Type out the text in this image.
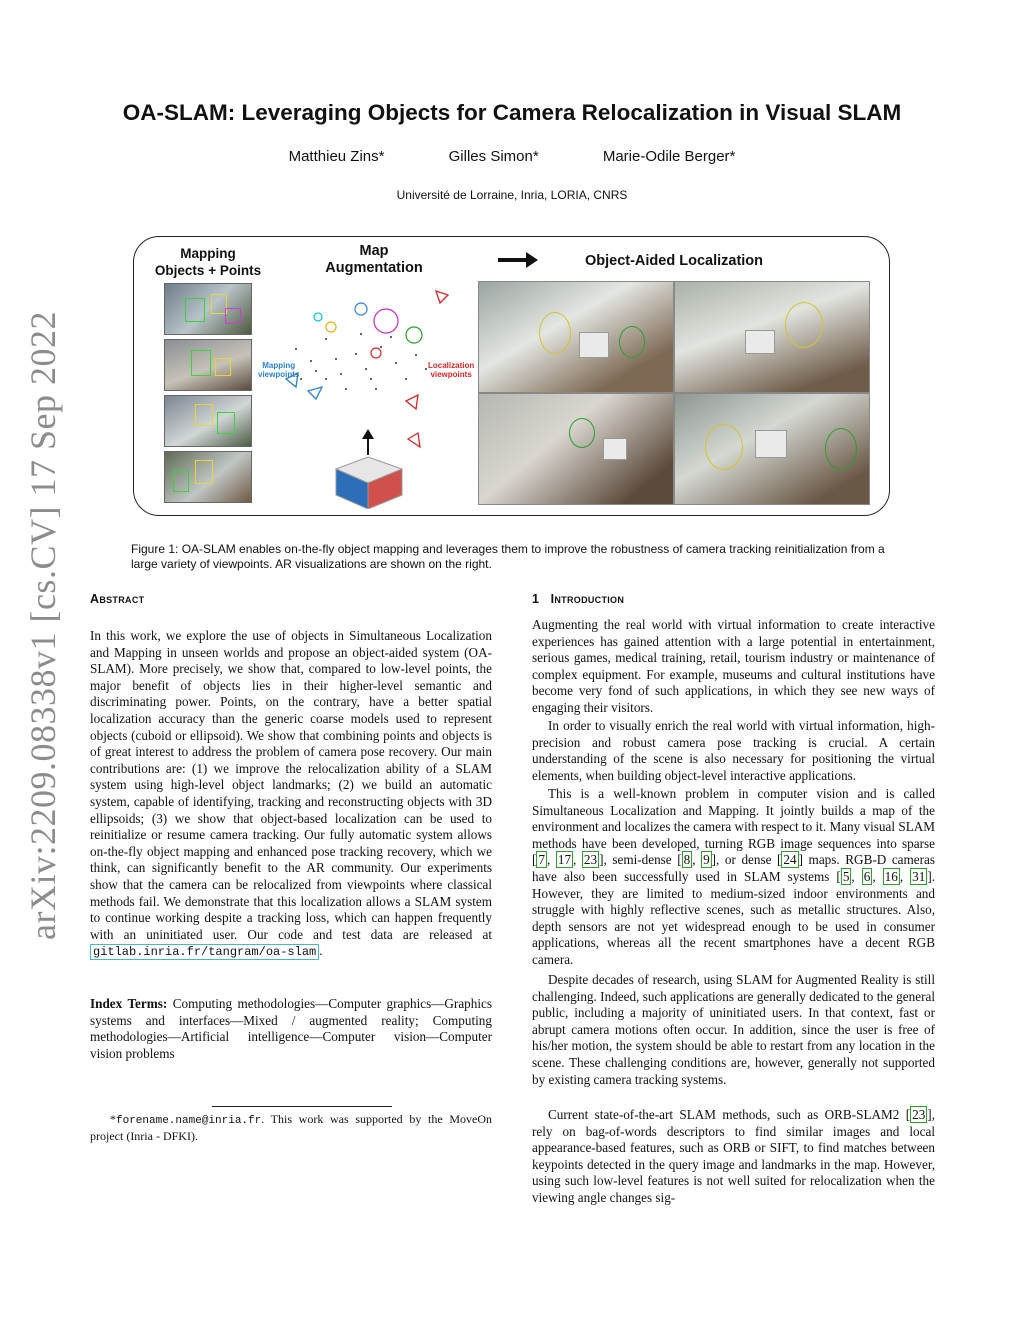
arXiv:2209.08338v1 [cs.CV] 17 Sep 2022
OA-SLAM: Leveraging Objects for Camera Relocalization in Visual SLAM
Matthieu Zins*	Gilles Simon*	Marie-Odile Berger*
Université de Lorraine, Inria, LORIA, CNRS
Mapping
Objects + Points
Map
Augmentation	Object-Aided Localization
Mapping
viewpoints
Localization
viewpoints
Figure 1: OA-SLAM enables on-the-fly object mapping and leverages them to improve the robustness of camera tracking reinitialization from a large variety of viewpoints. AR visualizations are shown on the right.
Abstract

In this work, we explore the use of objects in Simultaneous Localization and Mapping in unseen worlds and propose an object-aided system (OA-SLAM). More precisely, we show that, compared to low-level points, the major benefit of objects lies in their higher-level semantic and discriminating power. Points, on the contrary, have a better spatial localization accuracy than the generic coarse models used to represent objects (cuboid or ellipsoid). We show that combining points and objects is of great interest to address the problem of camera pose recovery. Our main contributions are: (1) we improve the relocalization ability of a SLAM system using high-level object landmarks; (2) we build an automatic system, capable of identifying, tracking and reconstructing objects with 3D ellipsoids; (3) we show that object-based localization can be used to reinitialize or resume camera tracking. Our fully automatic system allows on-the-fly object mapping and enhanced pose tracking recovery, which we think, can significantly benefit to the AR community. Our experiments show that the camera can be relocalized from viewpoints where classical methods fail. We demonstrate that this localization allows a SLAM system to continue working despite a tracking loss, which can happen frequently with an uninitiated user. Our code and test data are released at gitlab.inria.fr/tangram/oa-slam .

Index Terms: Computing methodologies—Computer graphics—Graphics systems and interfaces—Mixed / augmented reality; Computing methodologies—Artificial intelligence—Computer vision—Computer vision problems

*forename.name@inria.fr. This work was supported by the MoveOn project (Inria - DFKI).

1 Introduction

Augmenting the real world with virtual information to create interactive experiences has gained attention with a large potential in entertainment, serious games, medical training, retail, tourism industry or maintenance of complex equipment. For example, museums and cultural institutions have become very fond of such applications, in which they see new ways of engaging their visitors.

In order to visually enrich the real world with virtual information, high-precision and robust camera pose tracking is crucial. A certain understanding of the scene is also necessary for positioning the virtual elements, when building object-level interactive applications.

This is a well-known problem in computer vision and is called Simultaneous Localization and Mapping. It jointly builds a map of the environment and localizes the camera with respect to it. Many visual SLAM methods have been developed, turning RGB image sequences into sparse [ 7 , 17 , 23 ], semi-dense [ 8 , 9 ], or dense [ 24 ] maps. RGB-D cameras have also been successfully used in SLAM systems [ 5 , 6 , 16 , 31 ]. However, they are limited to medium-sized indoor environments and struggle with highly reflective scenes, such as metallic structures. Also, depth sensors are not yet widespread enough to be used in consumer applications, whereas all the recent smartphones have a decent RGB camera.

Despite decades of research, using SLAM for Augmented Reality is still challenging. Indeed, such applications are generally dedicated to the general public, including a majority of uninitiated users. In that context, fast or abrupt camera motions often occur. In addition, since the user is free of his/her motion, the system should be able to restart from any location in the scene. These challenging conditions are, however, generally not supported by existing camera tracking systems.

Current state-of-the-art SLAM methods, such as ORB-SLAM2 [ 23 ], rely on bag-of-words descriptors to find similar images and local appearance-based features, such as ORB or SIFT, to find matches between keypoints detected in the query image and landmarks in the map. However, using such low-level features is not well suited for relocalization when the viewing angle changes sig-
